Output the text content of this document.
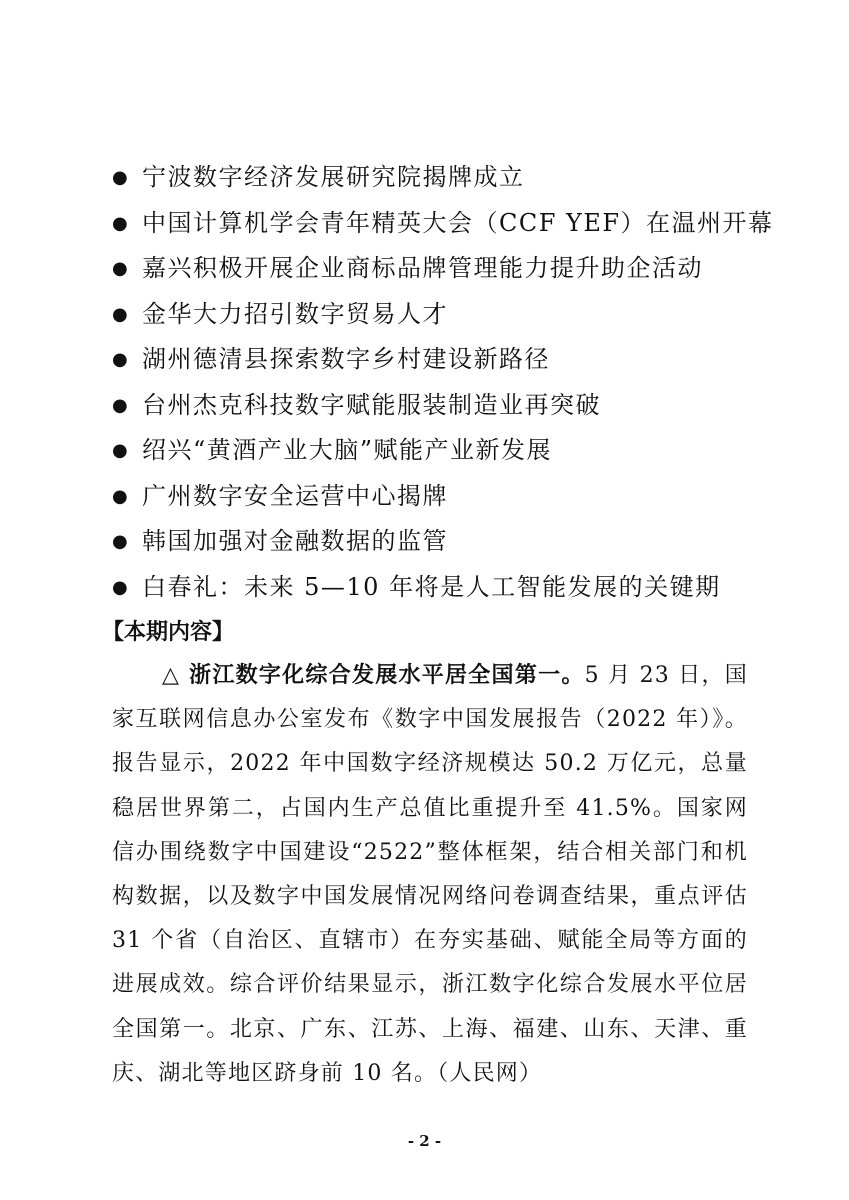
● 宁波数字经济发展研究院揭牌成立
● 中国计算机学会青年精英大会（CCF YEF）在温州开幕
● 嘉兴积极开展企业商标品牌管理能力提升助企活动
● 金华大力招引数字贸易人才
● 湖州德清县探索数字乡村建设新路径
● 台州杰克科技数字赋能服装制造业再突破
● 绍兴“黄酒产业大脑”赋能产业新发展
● 广州数字安全运营中心揭牌
● 韩国加强对金融数据的监管
● 白春礼：未来 5—10 年将是人工智能发展的关键期
【本期内容】

△ 浙江数字化综合发展水平居全国第一。5 月 23 日，国家互联网信息办公室发布《数字中国发展报告（2022 年）》。报告显示，2022 年中国数字经济规模达 50.2 万亿元，总量稳居世界第二，占国内生产总值比重提升至 41.5%。国家网信办围绕数字中国建设“2522”整体框架，结合相关部门和机构数据，以及数字中国发展情况网络问卷调查结果，重点评估 31 个省（自治区、直辖市）在夯实基础、赋能全局等方面的进展成效。综合评价结果显示，浙江数字化综合发展水平位居全国第一。北京、广东、江苏、上海、福建、山东、天津、重庆、湖北等地区跻身前 10 名。（人民网）

- 2 -
